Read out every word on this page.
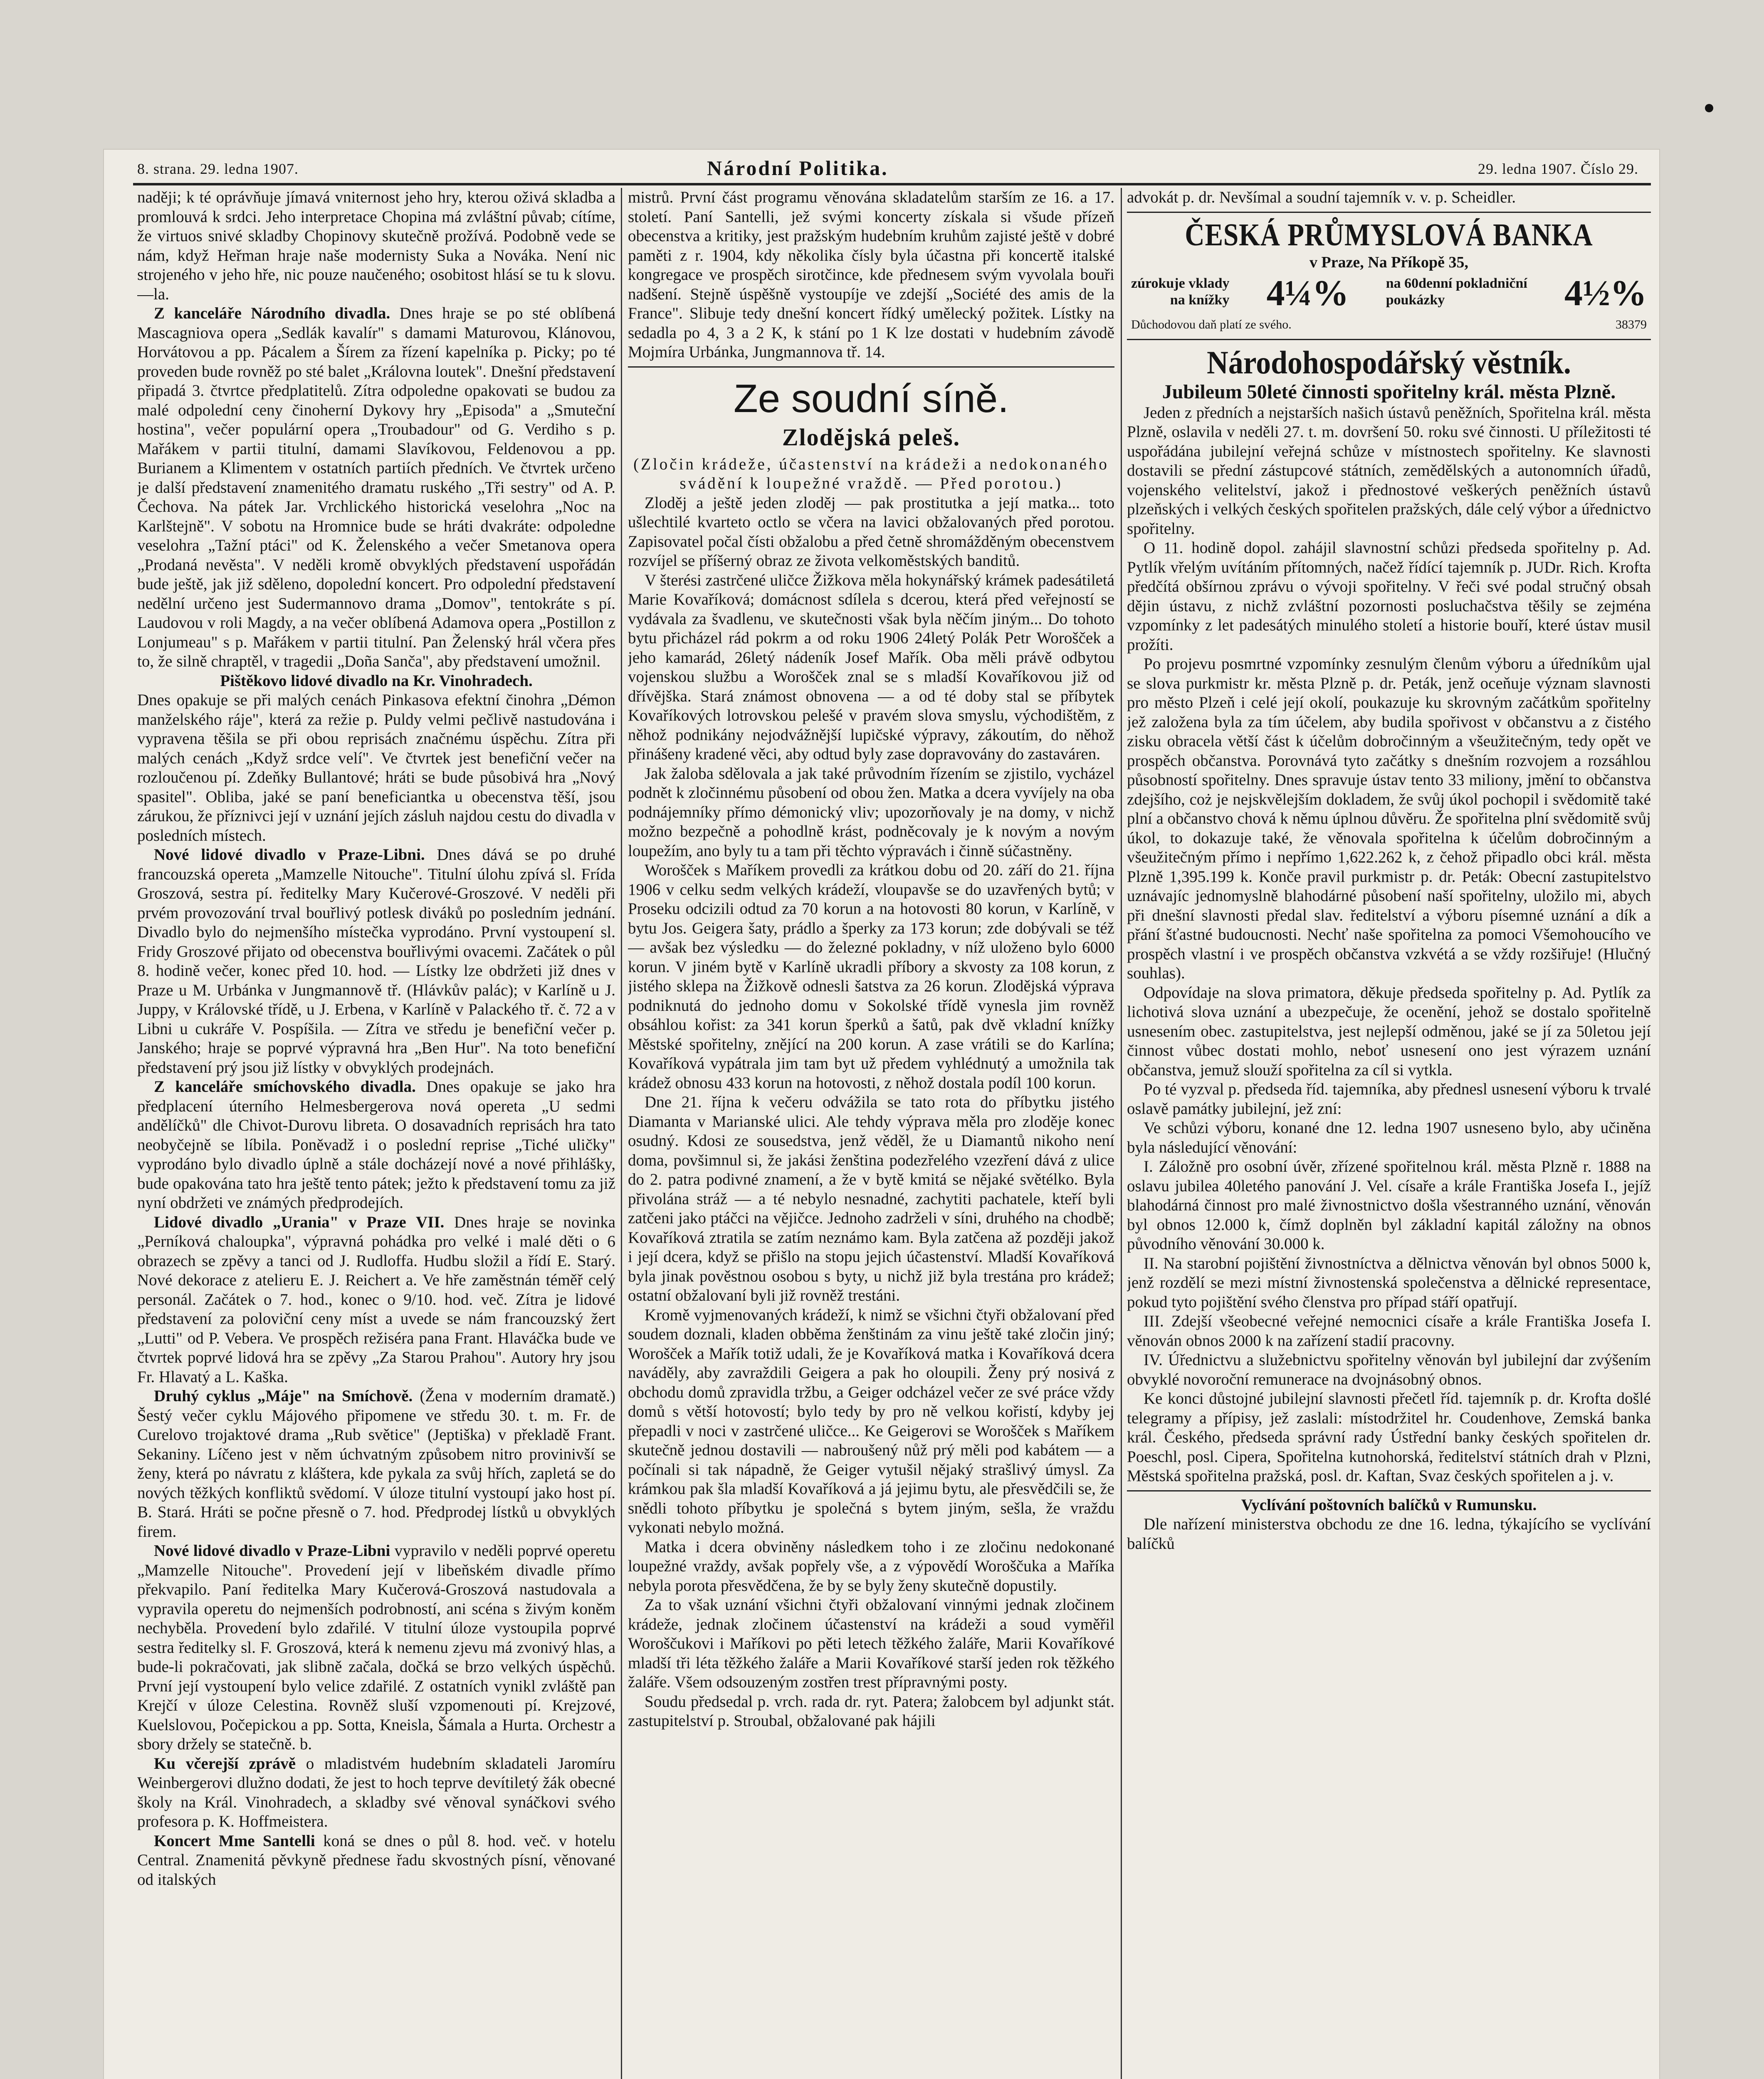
8. strana. 29. ledna 1907.	Národní Politika.	29. ledna 1907. Číslo 29.

naději; k té oprávňuje jímavá vniternost jeho hry, kterou oživá skladba a promlouvá k srdci. Jeho interpretace Chopina má zvláštní půvab; cítíme, že virtuos snivé skladby Chopinovy skutečně prožívá. Podobně vede se nám, když Heřman hraje naše modernisty Suka a Nováka. Není nic strojeného v jeho hře, nic pouze naučeného; osobitost hlásí se tu k slovu. —la.

Z kanceláře Národního divadla. Dnes hraje se po sté oblíbená Mascagniova opera „Sedlák kavalír" s damami Maturovou, Klánovou, Horvátovou a pp. Pácalem a Šírem za řízení kapelníka p. Picky; po té proveden bude rovněž po sté balet „Královna loutek". Dnešní představení připadá 3. čtvrtce předplatitelů. Zítra odpoledne opakovati se budou za malé odpolední ceny činoherní Dykovy hry „Episoda" a „Smuteční hostina", večer populární opera „Troubadour" od G. Verdiho s p. Mařákem v partii titulní, damami Slavíkovou, Feldenovou a pp. Burianem a Klimentem v ostatních partiích předních. Ve čtvrtek určeno je další představení znamenitého dramatu ruského „Tři sestry" od A. P. Čechova. Na pátek Jar. Vrchlického historická veselohra „Noc na Karlštejně". V sobotu na Hromnice bude se hráti dvakráte: odpoledne veselohra „Tažní ptáci" od K. Želenského a večer Smetanova opera „Prodaná nevěsta". V neděli kromě obvyklých představení uspořádán bude ještě, jak již sděleno, dopolední koncert. Pro odpolední představení nedělní určeno jest Sudermannovo drama „Domov", tentokráte s pí. Laudovou v roli Magdy, a na večer oblíbená Adamova opera „Postillon z Lonjumeau" s p. Mařákem v partii titulní. Pan Želenský hrál včera přes to, že silně chraptěl, v tragedii „Doña Sanča", aby představení umožnil.

Pištěkovo lidové divadlo na Kr. Vinohradech.

Dnes opakuje se při malých cenách Pinkasova efektní činohra „Démon manželského ráje", která za režie p. Puldy velmi pečlivě nastudována i vypravena těšila se při obou reprisách značnému úspěchu. Zítra při malých cenách „Když srdce velí". Ve čtvrtek jest benefiční večer na rozloučenou pí. Zdeňky Bullantové; hráti se bude působivá hra „Nový spasitel". Obliba, jaké se paní beneficiantka u obecenstva těší, jsou zárukou, že příznivci její v uznání jejích zásluh najdou cestu do divadla v posledních místech.

Nové lidové divadlo v Praze-Libni. Dnes dává se po druhé francouzská opereta „Mamzelle Nitouche". Titulní úlohu zpívá sl. Frída Groszová, sestra pí. ředitelky Mary Kučerové-Groszové. V neděli při prvém provozování trval bouřlivý potlesk diváků po posledním jednání. Divadlo bylo do nejmenšího místečka vyprodáno. První vystoupení sl. Fridy Groszové přijato od obecenstva bouřlivými ovacemi. Začátek o půl 8. hodině večer, konec před 10. hod. — Lístky lze obdržeti již dnes v Praze u M. Urbánka v Jungmannově tř. (Hlávkův palác); v Karlíně u J. Juppy, v Královské třídě, u J. Erbena, v Karlíně v Palackého tř. č. 72 a v Libni u cukráře V. Pospíšila. — Zítra ve středu je benefiční večer p. Janského; hraje se poprvé výpravná hra „Ben Hur". Na toto benefiční představení prý jsou již lístky v obvyklých prodejnách.

Z kanceláře smíchovského divadla. Dnes opakuje se jako hra předplacení úterního Helmesbergerova nová opereta „U sedmi andělíčků" dle Chivot-Durovu libreta. O dosavadních reprisách hra tato neobyčejně se líbila. Poněvadž i o poslední reprise „Tiché uličky" vyprodáno bylo divadlo úplně a stále docházejí nové a nové přihlášky, bude opakována tato hra ještě tento pátek; ježto k představení tomu za již nyní obdržeti ve známých předprodejích.

Lidové divadlo „Urania" v Praze VII. Dnes hraje se novinka „Perníková chaloupka", výpravná pohádka pro velké i malé děti o 6 obrazech se zpěvy a tanci od J. Rudloffa. Hudbu složil a řídí E. Starý. Nové dekorace z atelieru E. J. Reichert a. Ve hře zaměstnán téměř celý personál. Začátek o 7. hod., konec o 9/10. hod. več. Zítra je lidové představení za poloviční ceny míst a uvede se nám francouzský žert „Lutti" od P. Vebera. Ve prospěch režiséra pana Frant. Hlaváčka bude ve čtvrtek poprvé lidová hra se zpěvy „Za Starou Prahou". Autory hry jsou Fr. Hlavatý a L. Kaška.

Druhý cyklus „Máje" na Smíchově. (Žena v moderním dramatě.) Šestý večer cyklu Májového připomene ve středu 30. t. m. Fr. de Curelovo trojaktové drama „Rub světice" (Jeptiška) v překladě Frant. Sekaniny. Líčeno jest v něm úchvatným způsobem nitro provinivší se ženy, která po návratu z kláštera, kde pykala za svůj hřích, zapletá se do nových těžkých konfliktů svědomí. V úloze titulní vystoupí jako host pí. B. Stará. Hráti se počne přesně o 7. hod. Předprodej lístků u obvyklých firem.

Nové lidové divadlo v Praze-Libni vypravilo v neděli poprvé operetu „Mamzelle Nitouche". Provedení její v libeňském divadle přímo překvapilo. Paní ředitelka Mary Kučerová-Groszová nastudovala a vypravila operetu do nejmenších podrobností, ani scéna s živým koněm nechyběla. Provedení bylo zdařilé. V titulní úloze vystoupila poprvé sestra ředitelky sl. F. Groszová, která k nemenu zjevu má zvonivý hlas, a bude-li pokračovati, jak slibně začala, dočká se brzo velkých úspěchů. První její vystoupení bylo velice zdařilé. Z ostatních vynikl zvláště pan Krejčí v úloze Celestina. Rovněž sluší vzpomenouti pí. Krejzové, Kuelslovou, Počepickou a pp. Sotta, Kneisla, Šámala a Hurta. Orchestr a sbory držely se statečně. b.

Ku včerejší zprávě o mladistvém hudebním skladateli Jaromíru Weinbergerovi dlužno dodati, že jest to hoch teprve devítiletý žák obecné školy na Král. Vinohradech, a skladby své věnoval synáčkovi svého profesora p. K. Hoffmeistera.

Koncert Mme Santelli koná se dnes o půl 8. hod. več. v hotelu Central. Znamenitá pěvkyně přednese řadu skvostných písní, věnované od italských

mistrů. První část programu věnována skladatelům starším ze 16. a 17. století. Paní Santelli, jež svými koncerty získala si všude přízeň obecenstva a kritiky, jest pražským hudebním kruhům zajisté ještě v dobré paměti z r. 1904, kdy několika čísly byla účastna při koncertě italské kongregace ve prospěch sirotčince, kde přednesem svým vyvolala bouři nadšení. Stejně úspěšně vystoupíje ve zdejší „Société des amis de la France". Slibuje tedy dnešní koncert řídký umělecký požitek. Lístky na sedadla po 4, 3 a 2 K, k stání po 1 K lze dostati v hudebním závodě Mojmíra Urbánka, Jungmannova tř. 14.

Ze soudní síně.
Zlodějská peleš.

(Zločin krádeže, účastenství na krádeži a nedokonaného svádění k loupežné vraždě. — Před porotou.)

Zloděj a ještě jeden zloděj — pak prostitutka a její matka... toto ušlechtilé kvarteto octlo se včera na lavici obžalovaných před porotou. Zapisovatel počal čísti obžalobu a před četně shromážděným obecenstvem rozvíjel se příšerný obraz ze života velkoměstských banditů.

V šterési zastrčené uličce Žižkova měla hokynářský krámek padesátiletá Marie Kovaříková; domácnost sdílela s dcerou, která před veřejností se vydávala za švadlenu, ve skutečnosti však byla něčím jiným... Do tohoto bytu přicházel rád pokrm a od roku 1906 24letý Polák Petr Worošček a jeho kamarád, 26letý nádeník Josef Mařík. Oba měli právě odbytou vojenskou službu a Worošček znal se s mladší Kovaříkovou již od dřívějška. Stará známost obnovena — a od té doby stal se příbytek Kovaříkových lotrovskou pelešé v pravém slova smyslu, východištěm, z něhož podnikány nejodvážnější lupičské výpravy, zákoutím, do něhož přinášeny kradené věci, aby odtud byly zase dopravovány do zastaváren.

Jak žaloba sdělovala a jak také průvodním řízením se zjistilo, vycházel podnět k zločinnému působení od obou žen. Matka a dcera vyvíjely na oba podnájemníky přímo démonický vliv; upozorňovaly je na domy, v nichž možno bezpečně a pohodlně krást, podněcovaly je k novým a novým loupežím, ano byly tu a tam při těchto výpravách i činně súčastněny.

Worošček s Maříkem provedli za krátkou dobu od 20. září do 21. října 1906 v celku sedm velkých krádeží, vloupavše se do uzavřených bytů; v Proseku odcizili odtud za 70 korun a na hotovosti 80 korun, v Karlíně, v bytu Jos. Geigera šaty, prádlo a šperky za 173 korun; zde dobývali se též — avšak bez výsledku — do železné pokladny, v níž uloženo bylo 6000 korun. V jiném bytě v Karlíně ukradli příbory a skvosty za 108 korun, z jistého sklepa na Žižkově odnesli šatstva za 26 korun. Zlodějská výprava podniknutá do jednoho domu v Sokolské třídě vynesla jim rovněž obsáhlou kořist: za 341 korun šperků a šatů, pak dvě vkladní knížky Městské spořitelny, znějící na 200 korun. A zase vrátili se do Karlína; Kovaříková vypátrala jim tam byt už předem vyhlédnutý a umožnila tak krádež obnosu 433 korun na hotovosti, z něhož dostala podíl 100 korun.

Dne 21. října k večeru odvážila se tato rota do příbytku jistého Diamanta v Marianské ulici. Ale tehdy výprava měla pro zloděje konec osudný. Kdosi ze sousedstva, jenž věděl, že u Diamantů nikoho není doma, povšimnul si, že jakási ženština podezřelého vzezření dává z ulice do 2. patra podivné znamení, a že v bytě kmitá se nějaké světélko. Byla přivolána stráž — a té nebylo nesnadné, zachytiti pachatele, kteří byli zatčeni jako ptáčci na vějičce. Jednoho zadrželi v síni, druhého na chodbě; Kovaříková ztratila se zatím neznámo kam. Byla zatčena až později jakož i její dcera, když se přišlo na stopu jejich účastenství. Mladší Kovaříková byla jinak pověstnou osobou s byty, u nichž již byla trestána pro krádež; ostatní obžalovaní byli již rovněž trestáni.

Kromě vyjmenovaných krádeží, k nimž se všichni čtyři obžalovaní před soudem doznali, kladen obběma ženštinám za vinu ještě také zločin jiný; Worošček a Mařík totiž udali, že je Kovaříková matka i Kovaříková dcera naváděly, aby zavraždili Geigera a pak ho oloupili. Ženy prý nosivá z obchodu domů zpravidla tržbu, a Geiger odcházel večer ze své práce vždy domů s větší hotovostí; bylo tedy by pro ně velkou kořistí, kdyby jej přepadli v noci v zastrčené uličce... Ke Geigerovi se Worošček s Maříkem skutečně jednou dostavili — nabroušený nůž prý měli pod kabátem — a počínali si tak nápadně, že Geiger vytušil nějaký strašlivý úmysl. Za krámkou pak šla mladší Kovaříková a já jejimu bytu, ale přesvědčili se, že snědli tohoto příbytku je společná s bytem jiným, sešla, že vraždu vykonati nebylo možná.

Matka i dcera obviněny následkem toho i ze zločinu nedokonané loupežné vraždy, avšak popřely vše, a z výpovědí Woroščuka a Maříka nebyla porota přesvědčena, že by se byly ženy skutečně dopustily.

Za to však uznání všichni čtyři obžalovaní vinnými jednak zločinem krádeže, jednak zločinem účastenství na krádeži a soud vyměřil Woroščukovi i Maříkovi po pěti letech těžkého žaláře, Marii Kovaříkové mladší tři léta těžkého žaláře a Marii Kovaříkové starší jeden rok těžkého žaláře. Všem odsouzeným zostřen trest přípravnými posty.

Soudu předsedal p. vrch. rada dr. ryt. Patera; žalobcem byl adjunkt stát. zastupitelství p. Stroubal, obžalované pak hájili

advokát p. dr. Nevšímal a soudní tajemník v. v. p. Scheidler.

ČESKÁ PRŮMYSLOVÁ BANKA
v Praze, Na Příkopě 35,
zúrokuje vklady
na knížky 4¼%	na 60denní pokladniční
poukázky	4½%
Důchodovou daň platí ze svého.	38379
Národohospodářský věstník.
Jubileum 50leté činnosti spořitelny král. města Plzně.

Jeden z předních a nejstarších našich ústavů peněžních, Spořitelna král. města Plzně, oslavila v neděli 27. t. m. dovršení 50. roku své činnosti. U příležitosti té uspořádána jubilejní veřejná schůze v místnostech spořitelny. Ke slavnosti dostavili se přední zástupcové státních, zemědělských a autonomních úřadů, vojenského velitelství, jakož i přednostové veškerých peněžních ústavů plzeňských i velkých českých spořitelen pražských, dále celý výbor a úřednictvo spořitelny.

O 11. hodině dopol. zahájil slavnostní schůzi předseda spořitelny p. Ad. Pytlík vřelým uvítáním přítomných, načež řídící tajemník p. JUDr. Rich. Krofta předčítá obšírnou zprávu o vývoji spořitelny. V řeči své podal stručný obsah dějin ústavu, z nichž zvláštní pozornosti posluchačstva těšily se zejména vzpomínky z let padesátých minulého století a historie bouří, které ústav musil prožíti.

Po projevu posmrtné vzpomínky zesnulým členům výboru a úředníkům ujal se slova purkmistr kr. města Plzně p. dr. Peták, jenž oceňuje význam slavnosti pro město Plzeň i celé její okolí, poukazuje ku skrovným začátkům spořitelny jež založena byla za tím účelem, aby budila spořivost v občanstvu a z čistého zisku obracela větší část k účelům dobročinným a všeužitečným, tedy opět ve prospěch občanstva. Porovnává tyto začátky s dnešním rozvojem a rozsáhlou působností spořitelny. Dnes spravuje ústav tento 33 miliony, jmění to občanstva zdejšího, coż je nejskvělejším dokladem, že svůj úkol pochopil i svědomitě také plní a občanstvo chová k němu úplnou důvěru. Že spořitelna plní svědomitě svůj úkol, to dokazuje také, že věnovala spořitelna k účelům dobročinným a všeužitečným přímo i nepřímo 1,622.262 k, z čehož připadlo obci král. města Plzně 1,395.199 k. Konče pravil purkmistr p. dr. Peták: Obecní zastupitelstvo uznávajíc jednomyslně blahodárné působení naší spořitelny, uložilo mi, abych při dnešní slavnosti předal slav. ředitelství a výboru písemné uznání a dík a přání šťastné budoucnosti. Nechť naše spořitelna za pomoci Všemohoucího ve prospěch vlastní i ve prospěch občanstva vzkvétá a se vždy rozšiřuje! (Hlučný souhlas).

Odpovídaje na slova primatora, děkuje předseda spořitelny p. Ad. Pytlík za lichotivá slova uznání a ubezpečuje, že ocenění, jehož se dostalo spořitelně usnesením obec. zastupitelstva, jest nejlepší odměnou, jaké se jí za 50letou její činnost vůbec dostati mohlo, neboť usnesení ono jest výrazem uznání občanstva, jemuž slouží spořitelna za cíl si vytkla.

Po té vyzval p. předseda říd. tajemníka, aby přednesl usnesení výboru k trvalé oslavě památky jubilejní, jež zní:

Ve schůzi výboru, konané dne 12. ledna 1907 usneseno bylo, aby učiněna byla následující věnování:

I. Záložně pro osobní úvěr, zřízené spořitelnou král. města Plzně r. 1888 na oslavu jubilea 40letého panování J. Vel. císaře a krále Františka Josefa I., jejíž blahodárná činnost pro malé živnostnictvo došla všestranného uznání, věnován byl obnos 12.000 k, čímž doplněn byl základní kapitál záložny na obnos původního věnování 30.000 k.

II. Na starobní pojištění živnostníctva a dělnictva věnován byl obnos 5000 k, jenž rozdělí se mezi místní živnostenská společenstva a dělnické representace, pokud tyto pojištění svého členstva pro případ stáří opatřují.

III. Zdejší všeobecné veřejné nemocnici císaře a krále Františka Josefa I. věnován obnos 2000 k na zařízení stadií pracovny.

IV. Úřednictvu a služebnictvu spořitelny věnován byl jubilejní dar zvýšením obvyklé novoroční remunerace na dvojnásobný obnos.

Ke konci důstojné jubilejní slavnosti přečetl říd. tajemník p. dr. Krofta došlé telegramy a přípisy, jež zaslali: místodržitel hr. Coudenhove, Zemská banka král. Českého, předseda správní rady Ústřední banky českých spořitelen dr. Poeschl, posl. Cipera, Spořitelna kutnohorská, ředitelství státních drah v Plzni, Městská spořitelna pražská, posl. dr. Kaftan, Svaz českých spořitelen a j. v.

Vyclívání poštovních balíčků v Rumunsku.

Dle nařízení ministerstva obchodu ze dne 16. ledna, týkajícího se vyclívání balíčků
